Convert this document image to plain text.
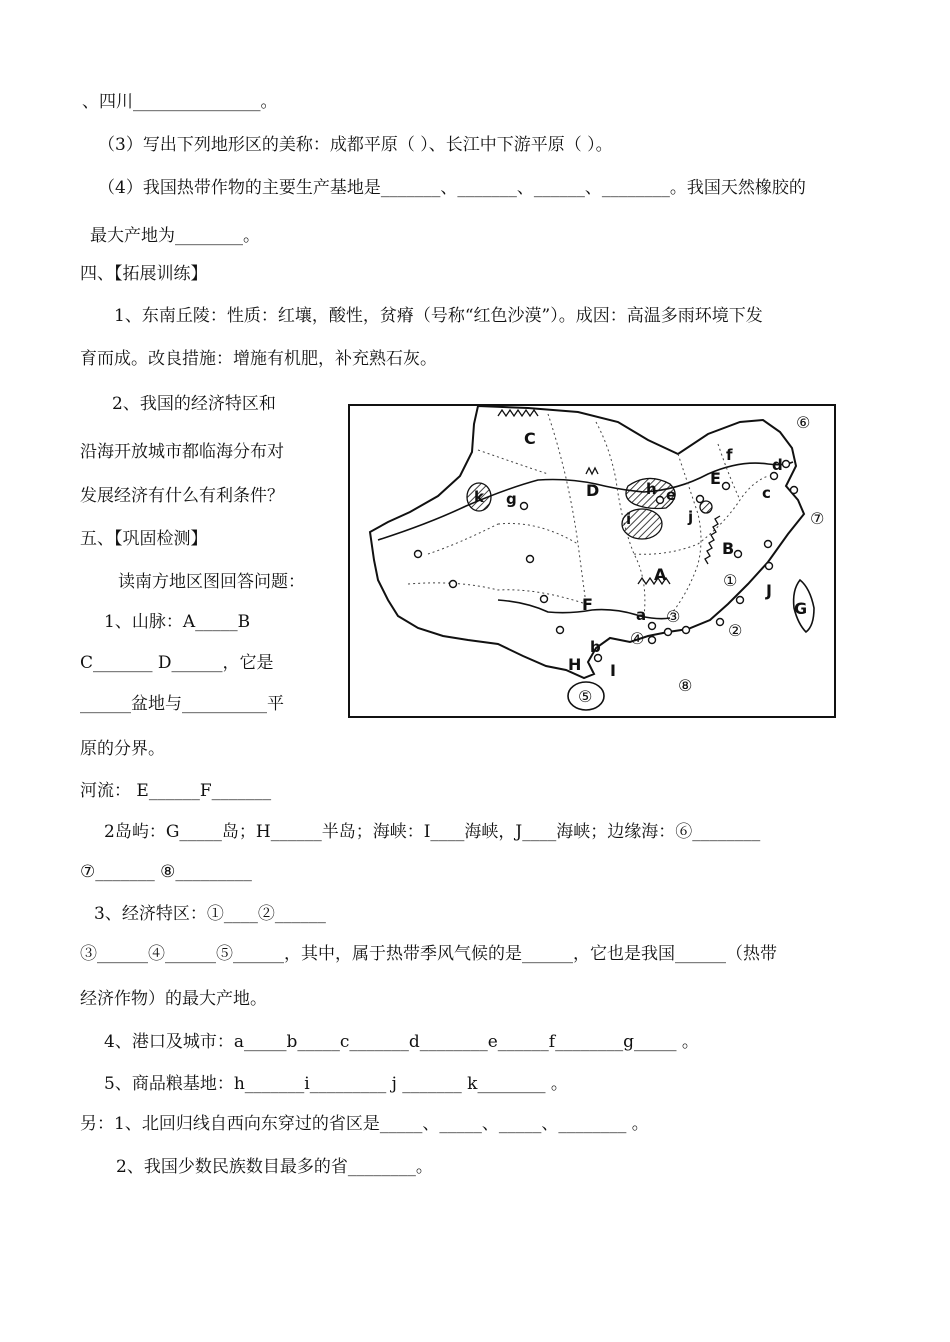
、四川_______________。
（3）写出下列地形区的美称：成都平原（ ）、长江中下游平原（ ）。
（4）我国热带作物的主要生产基地是_______、_______、______、________。我国天然橡胶的
最大产地为________。
四、【拓展训练】
1、东南丘陵：性质：红壤，酸性，贫瘠（号称“红色沙漠”）。成因：高温多雨环境下发
育而成。改良措施：增施有机肥，补充熟石灰。
2、我国的经济特区和
沿海开放城市都临海分布对
发展经济有什么有利条件？
五、【巩固检测】
读南方地区图回答问题：
1、山脉：A_____B
C_______ D______，它是
______盆地与__________平
原的分界。
河流： E______F_______
2岛屿：G_____岛；H______半岛；海峡：I____海峡，J____海峡；边缘海：⑥________
⑦_______ ⑧_________
3、经济特区：①____②______
③______④______⑤______，其中，属于热带季风气候的是______，它也是我国______（热带
经济作物）的最大产地。
4、港口及城市：a_____b_____c_______d________e______f________g_____ 。
5、商品粮基地：h_______i_________ j _______ k________ 。
另：1、北回归线自西向东穿过的省区是_____、_____、_____、________ 。
2、我国少数民族数目最多的省________。
C
D
E
B
A
F
J
G
H I
f
d
c
e
h
i	j
k g
a
b
⑥
⑦
①
②
③
④
⑤
⑧
